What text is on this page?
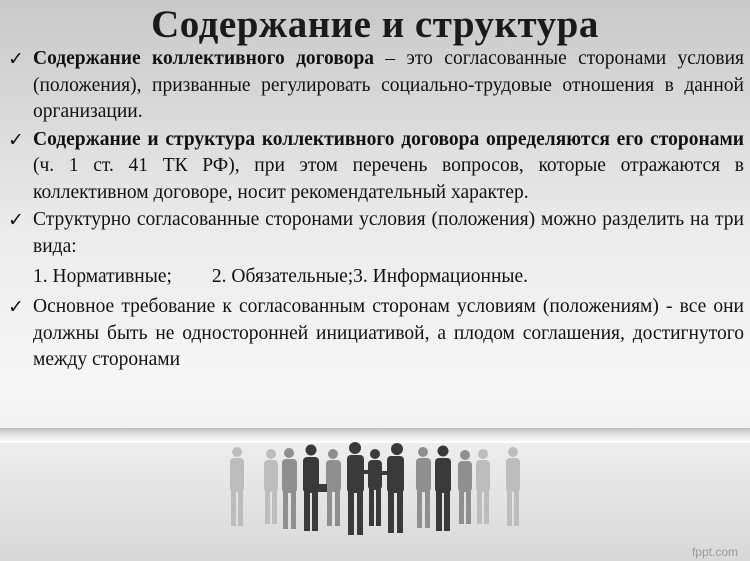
Содержание и структура
✓ Содержание коллективного договора – это согласованные сторонами условия (положения), призванные регулировать социально-трудовые отношения в данной организации.
✓ Содержание и структура коллективного договора определяются его сторонами (ч. 1 ст. 41 ТК РФ), при этом перечень вопросов, которые отражаются в коллективном договоре, носит рекомендательный характер.
✓ Структурно согласованные сторонами условия (положения) можно разделить на три вида:
1. Нормативные; 2. Обязательные;3. Информационные.
✓ Основное требование к согласованным сторонам условиям (положениям) - все они должны быть не односторонней инициативой, а плодом соглашения, достигнутого между сторонами
fppt.com
